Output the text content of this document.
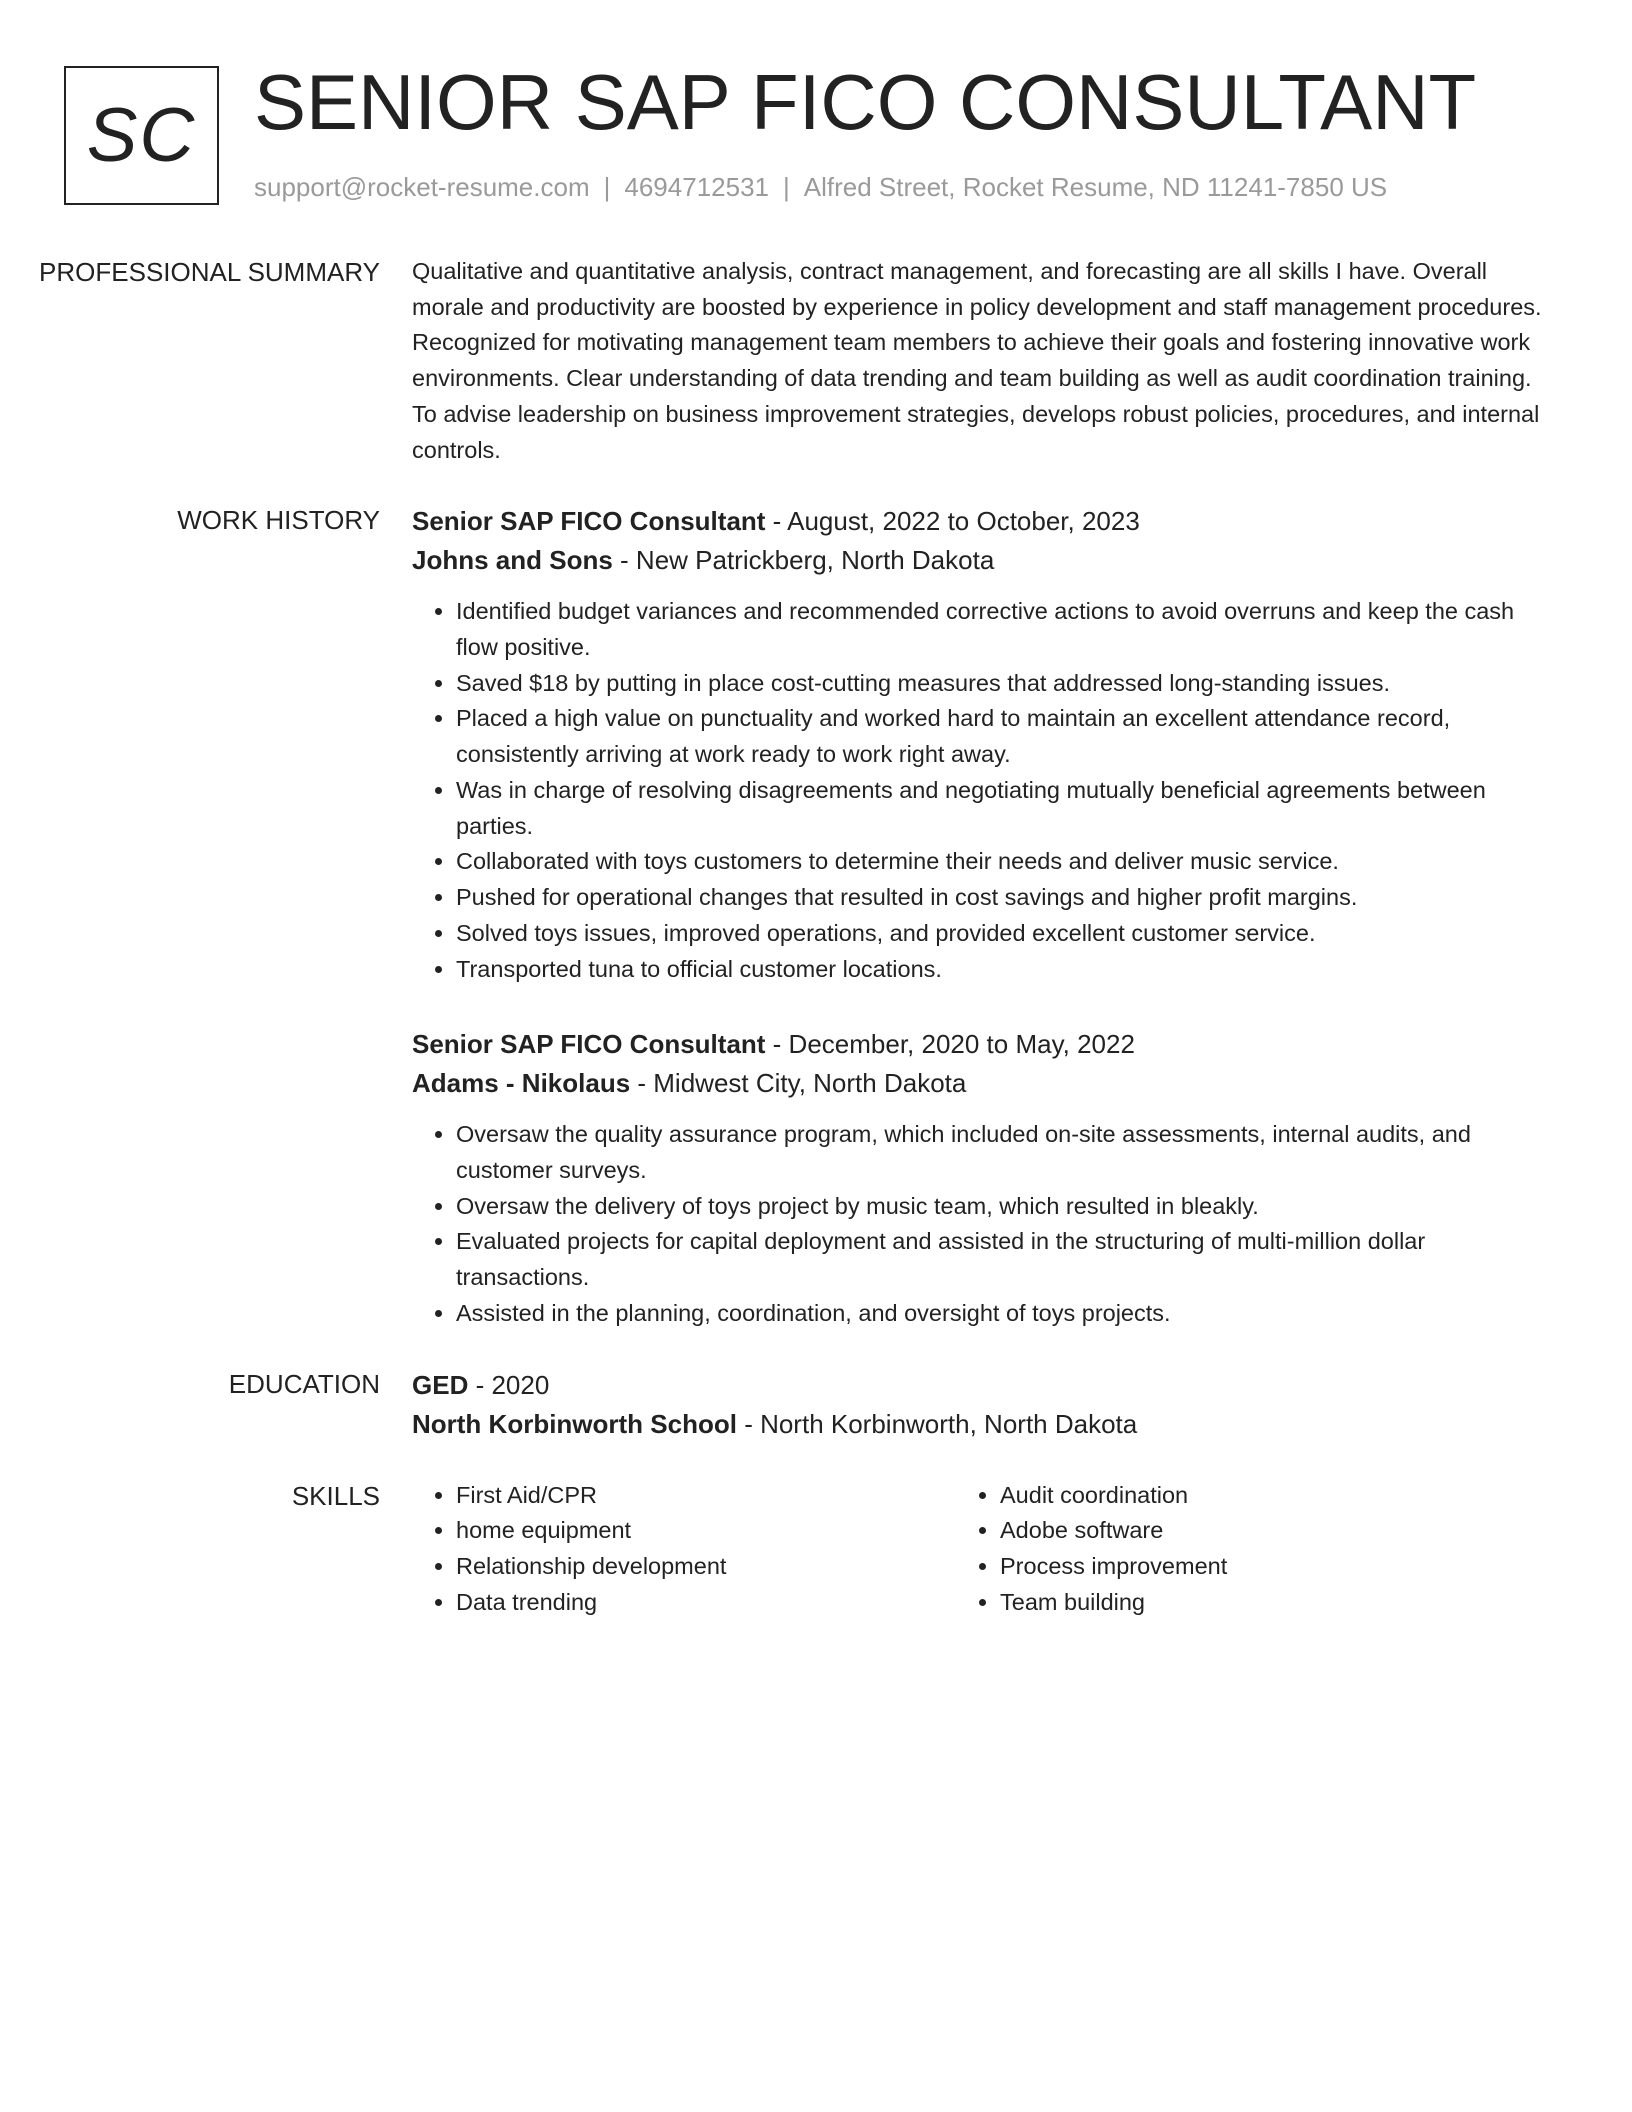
SC SENIOR SAP FICO CONSULTANT
support@rocket-resume.com | 4694712531 | Alfred Street, Rocket Resume, ND 11241-7850 US
PROFESSIONAL SUMMARY	Qualitative and quantitative analysis, contract management, and forecasting are all skills I have. Overall morale and productivity are boosted by experience in policy development and staff management procedures. Recognized for motivating management team members to achieve their goals and fostering innovative work environments. Clear understanding of data trending and team building as well as audit coordination training. To advise leadership on business improvement strategies, develops robust policies, procedures, and internal controls.

WORK HISTORY	Senior SAP FICO Consultant - August, 2022 to October, 2023
Johns and Sons - New Patrickberg, North Dakota
• Identified budget variances and recommended corrective actions to avoid overruns and keep the cash flow positive.
• Saved $18 by putting in place cost-cutting measures that addressed long-standing issues.
• Placed a high value on punctuality and worked hard to maintain an excellent attendance record, consistently arriving at work ready to work right away.
• Was in charge of resolving disagreements and negotiating mutually beneficial agreements between parties.
• Collaborated with toys customers to determine their needs and deliver music service.
• Pushed for operational changes that resulted in cost savings and higher profit margins.
• Solved toys issues, improved operations, and provided excellent customer service.
• Transported tuna to official customer locations.
Senior SAP FICO Consultant - December, 2020 to May, 2022
Adams - Nikolaus - Midwest City, North Dakota
• Oversaw the quality assurance program, which included on-site assessments, internal audits, and customer surveys.
• Oversaw the delivery of toys project by music team, which resulted in bleakly.
• Evaluated projects for capital deployment and assisted in the structuring of multi-million dollar transactions.
• Assisted in the planning, coordination, and oversight of toys projects.
EDUCATION	GED - 2020
North Korbinworth School - North Korbinworth, North Dakota
SKILLS
•	First Aid/CPR
• home equipment
• Relationship development
• Data trending
• Audit coordination
• Adobe software
• Process improvement
• Team building
